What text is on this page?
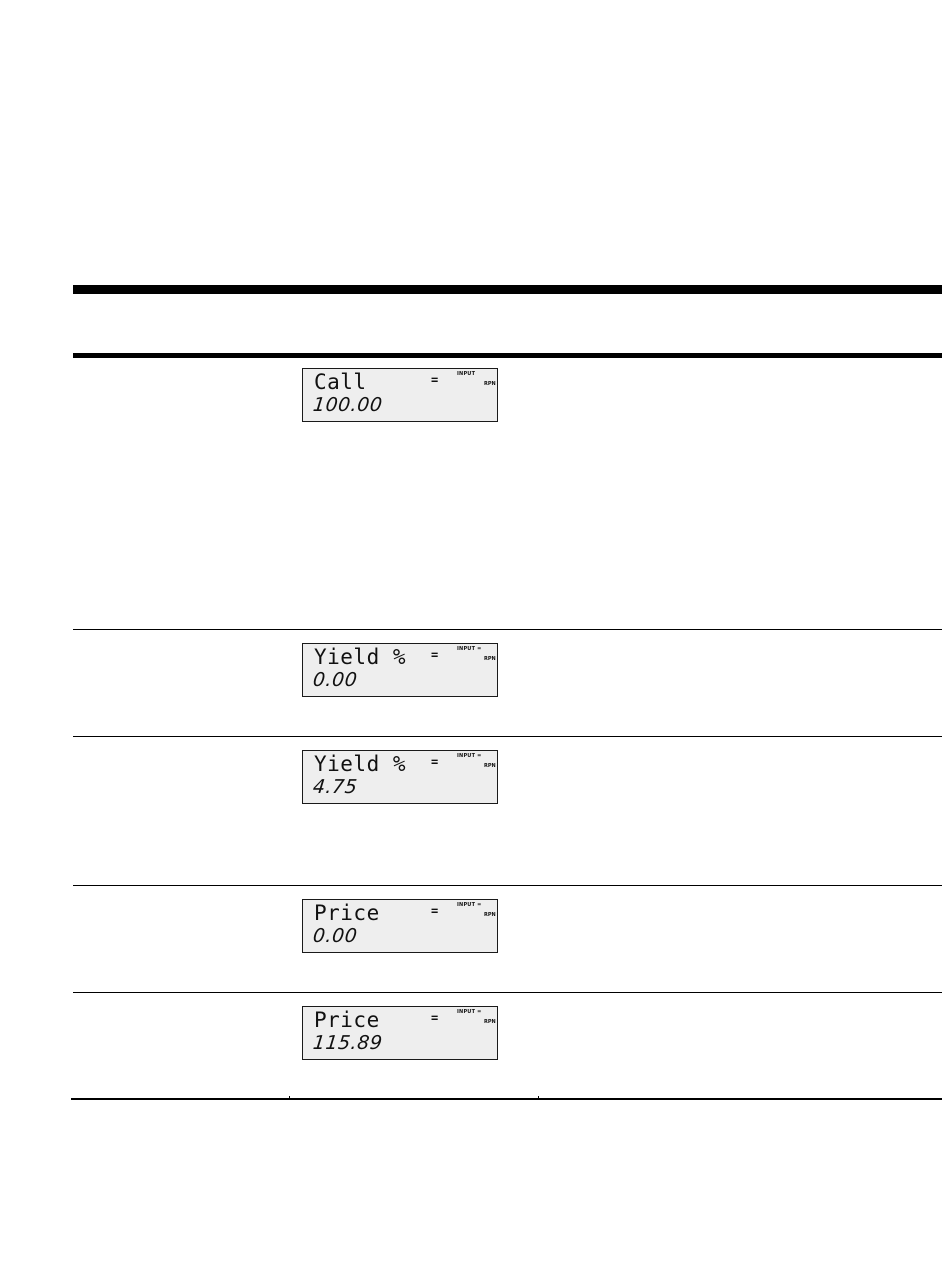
Call	=	INPUT
RPN
100.00
Yield % =	INPUT =
RPN
0.00
Yield % =	INPUT =
RPN
4.75
Price	=	INPUT =
RPN
0.00
Price	=	INPUT =
RPN
115.89
